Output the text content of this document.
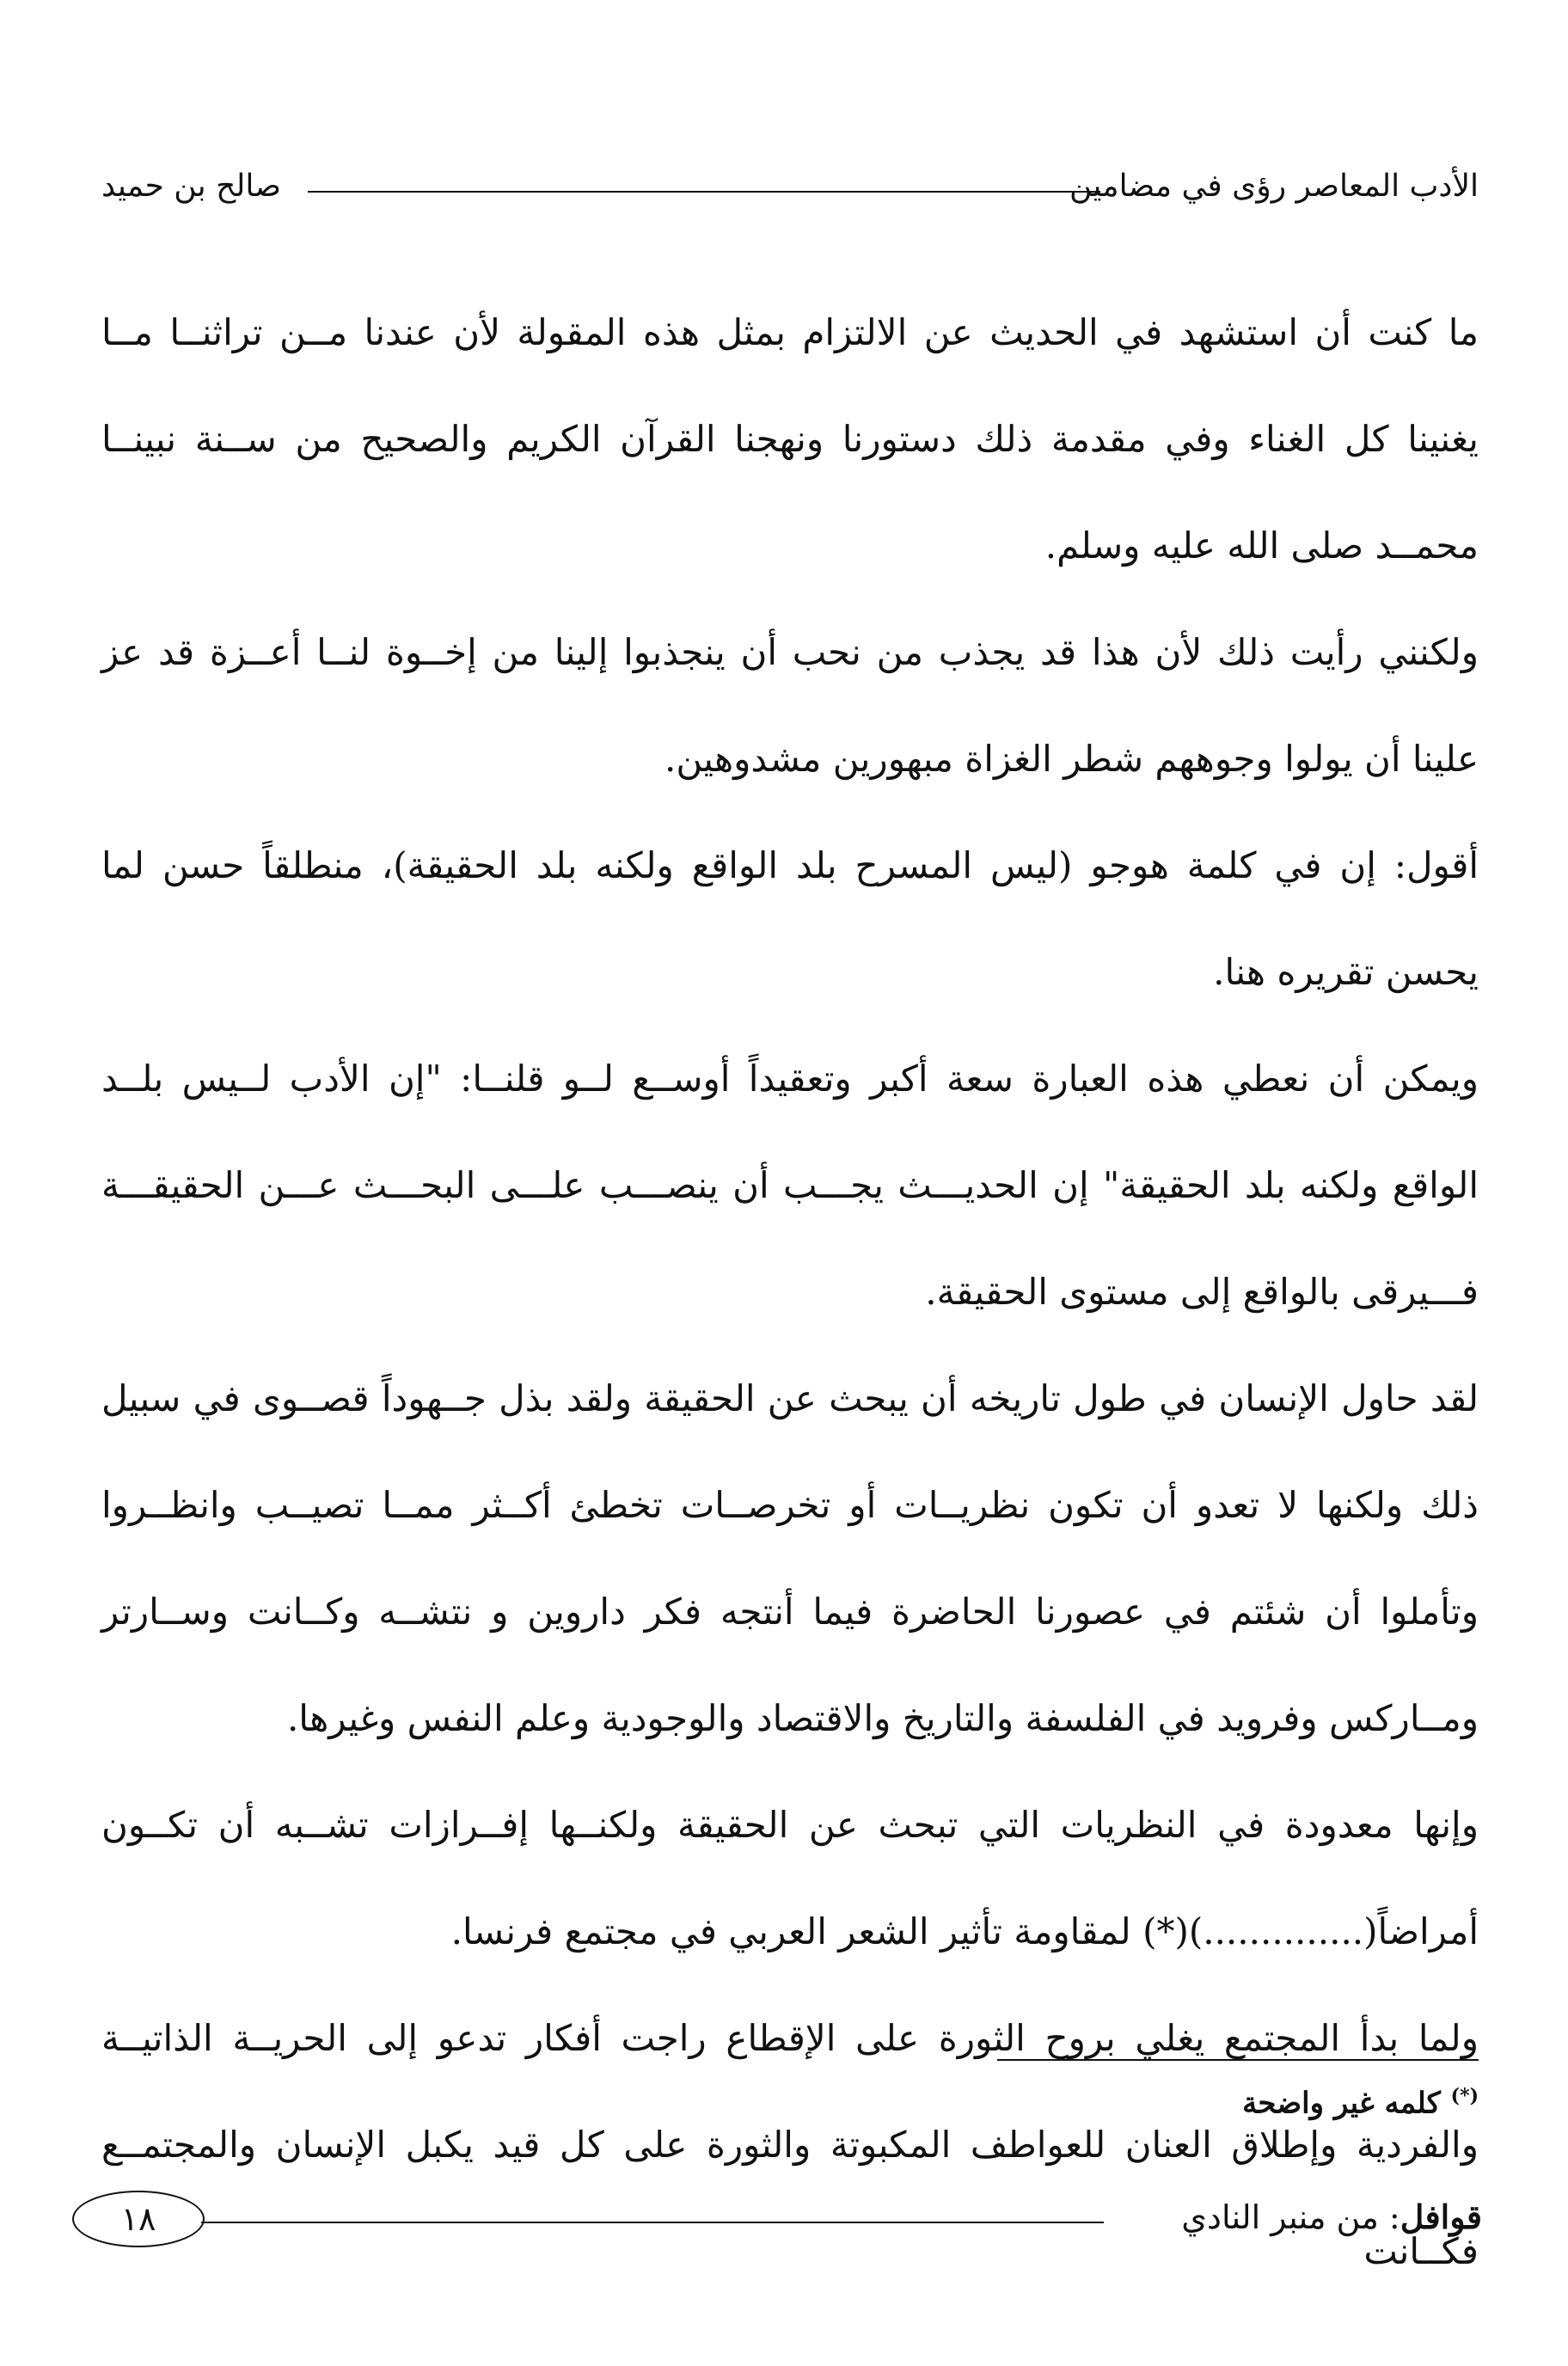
الأدب المعاصر رؤى في مضامين
صالح بن حميد

ما كنت أن استشهد في الحديث عن الالتزام بمثل هذه المقولة لأن عندنا مــن تراثنــا مــا يغنينا كل الغناء وفي مقدمة ذلك دستورنا ونهجنا القرآن الكريم والصحيح من ســنة نبينــا محمــد صلى الله عليه وسلم.

ولكنني رأيت ذلك لأن هذا قد يجذب من نحب أن ينجذبوا إلينا من إخــوة لنــا أعــزة قد عز علينا أن يولوا وجوههم شطر الغزاة مبهورين مشدوهين.

أقول: إن في كلمة هوجو (ليس المسرح بلد الواقع ولكنه بلد الحقيقة)، منطلقاً حسن لما يحسن تقريره هنا.

ويمكن أن نعطي هذه العبارة سعة أكبر وتعقيداً أوســع لــو قلنــا: "إن الأدب لــيس بلــد الواقع ولكنه بلد الحقيقة" إن الحديـــث يجـــب أن ينصـــب علـــى البحـــث عـــن الحقيقـــة فـــيرقى بالواقع إلى مستوى الحقيقة.

لقد حاول الإنسان في طول تاريخه أن يبحث عن الحقيقة ولقد بذل جــهوداً قصــوى في سبيل ذلك ولكنها لا تعدو أن تكون نظريــات أو تخرصــات تخطئ أكــثر ممــا تصيــب وانظــروا وتأملوا أن شئتم في عصورنا الحاضرة فيما أنتجه فكر داروين و نتشــه وكــانت وســارتر ومــاركس وفرويد في الفلسفة والتاريخ والاقتصاد والوجودية وعلم النفس وغيرها.

وإنها معدودة في النظريات التي تبحث عن الحقيقة ولكنــها إفــرازات تشــبه أن تكــون أمراضاً(..............)(*) لمقاومة تأثير الشعر العربي في مجتمع فرنسا.

ولما بدأ المجتمع يغلي بروح الثورة على الإقطاع راجت أفكار تدعو إلى الحريــة الذاتيــة والفردية وإطلاق العنان للعواطف المكبوتة والثورة على كل قيد يكبل الإنسان والمجتمــع فكــانت

(*) كلمه غير واضحة
قوافل: من منبر النادي
١٨
